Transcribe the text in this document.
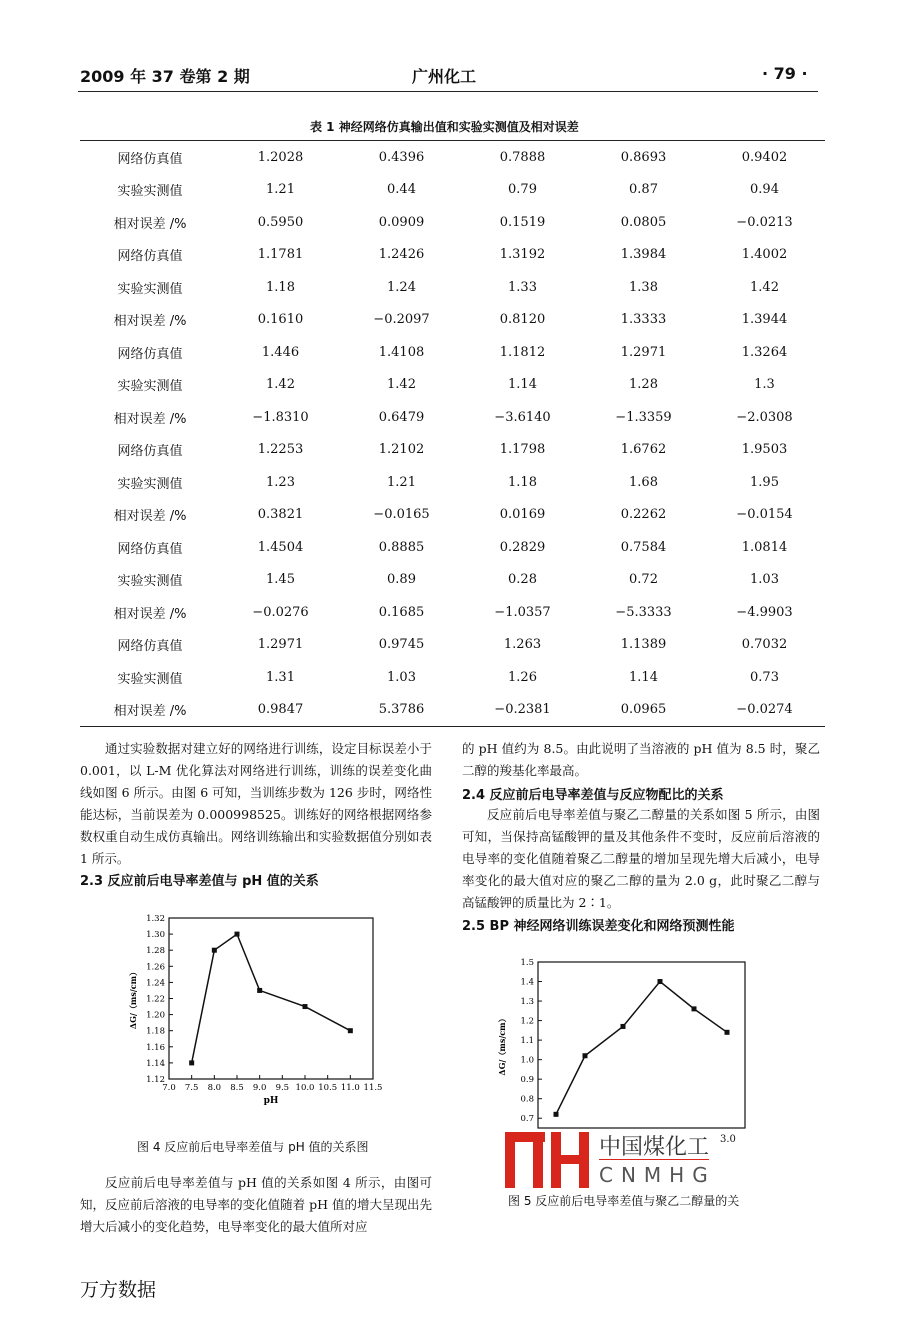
2009 年 37 卷第 2 期	广州化工	· 79 ·
表 1 神经网络仿真输出值和实验实测值及相对误差
网络仿真值	1.2028	0.4396	0.7888	0.8693	0.9402
实验实测值	1.21	0.44	0.79	0.87	0.94
相对误差 /%	0.5950	0.0909	0.1519	0.0805	−0.0213
网络仿真值	1.1781	1.2426	1.3192	1.3984	1.4002
实验实测值	1.18	1.24	1.33	1.38	1.42
相对误差 /%	0.1610	−0.2097	0.8120	1.3333	1.3944
网络仿真值	1.446	1.4108	1.1812	1.2971	1.3264
实验实测值	1.42	1.42	1.14	1.28	1.3
相对误差 /%	−1.8310	0.6479	−3.6140	−1.3359	−2.0308
网络仿真值	1.2253	1.2102	1.1798	1.6762	1.9503
实验实测值	1.23	1.21	1.18	1.68	1.95
相对误差 /%	0.3821	−0.0165	0.0169	0.2262	−0.0154
网络仿真值	1.4504	0.8885	0.2829	0.7584	1.0814
实验实测值	1.45	0.89	0.28	0.72	1.03
相对误差 /%	−0.0276	0.1685	−1.0357	−5.3333	−4.9903
网络仿真值	1.2971	0.9745	1.263	1.1389	0.7032
实验实测值	1.31	1.03	1.26	1.14	0.73
相对误差 /%	0.9847	5.3786	−0.2381	0.0965	−0.0274
通过实验数据对建立好的网络进行训练，设定目标误差小于 0.001，以 L-M 优化算法对网络进行训练，训练的误差变化曲线如图 6 所示。由图 6 可知，当训练步数为 126 步时，网络性能达标，当前误差为 0.000998525。训练好的网络根据网络参数权重自动生成仿真输出。网络训练输出和实验数据值分别如表 1 所示。
2.3 反应前后电导率差值与 pH 值的关系
1.12
1.14
1.16
1.18
1.20
1.22
1.24
1.26
1.28
1.30
1.32
7.0 7.5 8.0 8.5 9.0 9.5 10.0 10.5 11.0 11.5
pH
ΔG/（ms/cm）
图 4 反应前后电导率差值与 pH 值的关系图
反应前后电导率差值与 pH 值的关系如图 4 所示，由图可知，反应前后溶液的电导率的变化值随着 pH 值的增大呈现出先增大后减小的变化趋势，电导率变化的最大值所对应
的 pH 值约为 8.5。由此说明了当溶液的 pH 值为 8.5 时，聚乙二醇的羧基化率最高。
2.4 反应前后电导率差值与反应物配比的关系
反应前后电导率差值与聚乙二醇量的关系如图 5 所示，由图可知，当保持高锰酸钾的量及其他条件不变时，反应前后溶液的电导率的变化值随着聚乙二醇量的增加呈现先增大后减小，电导率变化的最大值对应的聚乙二醇的量为 2.0 g，此时聚乙二醇与高锰酸钾的质量比为 2∶1。
2.5 BP 神经网络训练误差变化和网络预测性能
0.7
0.8
0.9
1.0
1.1
1.2
1.3
1.4
1.5
ΔG/（ms/cm）
中国煤化工
CNMHG
3.0
图 5 反应前后电导率差值与聚乙二醇量的关
万方数据
